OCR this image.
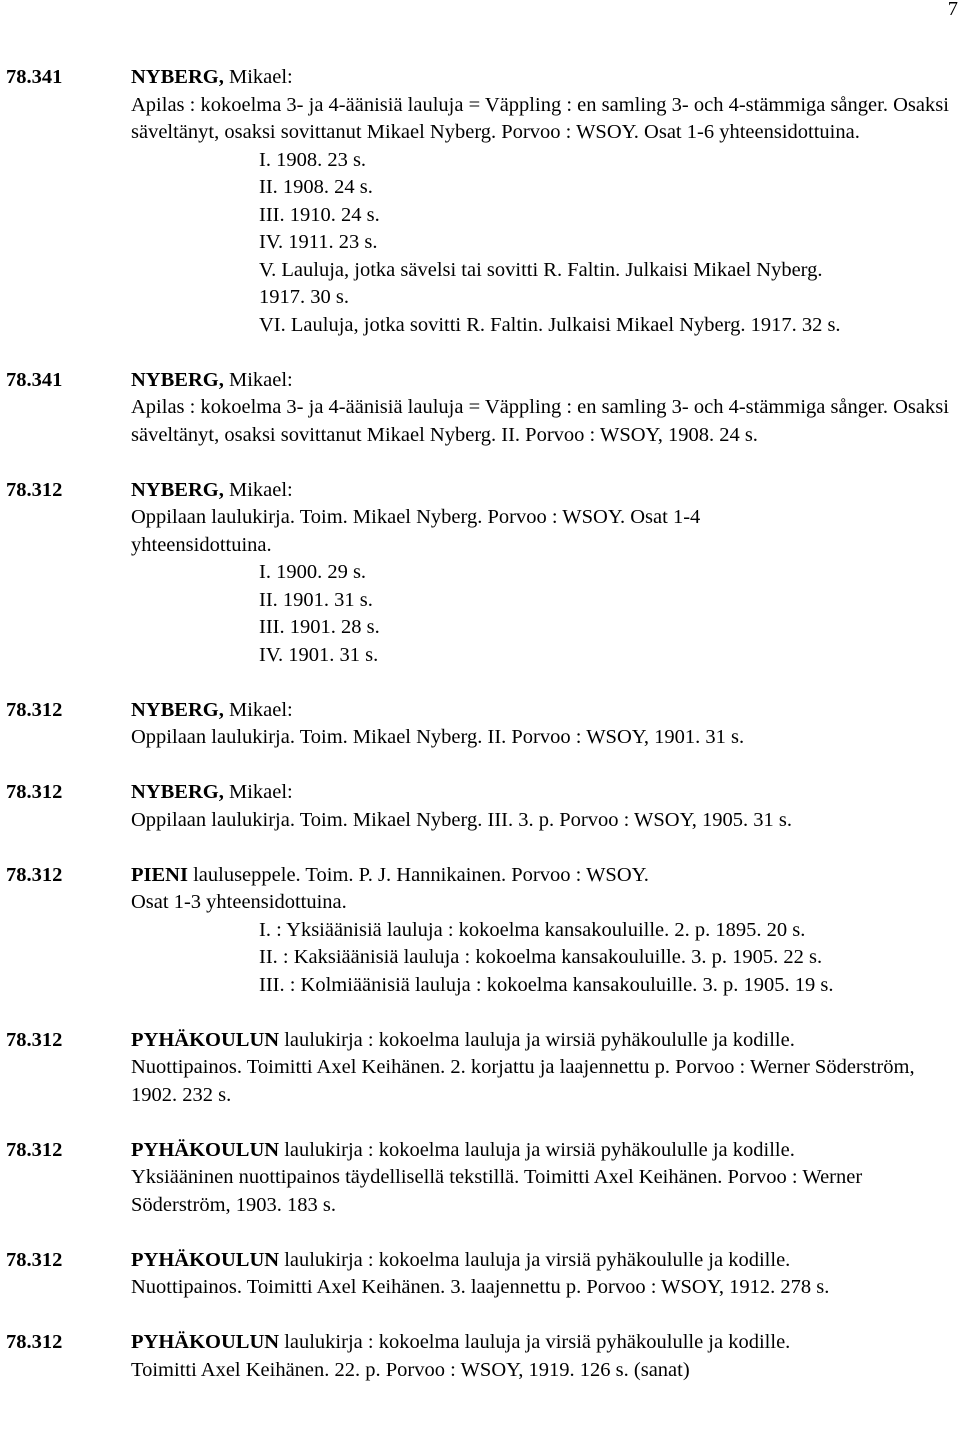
7
78.341	NYBERG, Mikael:
Apilas : kokoelma 3- ja 4-äänisiä lauluja = Väppling : en samling 3- och 4-stämmiga sånger. Osaksi säveltänyt, osaksi sovittanut Mikael Nyberg. Porvoo : WSOY. Osat 1-6 yhteensidottuina.
I. 1908. 23 s.
II. 1908. 24 s.
III. 1910. 24 s.
IV. 1911. 23 s.
V. Lauluja, jotka sävelsi tai sovitti R. Faltin. Julkaisi Mikael Nyberg.
1917. 30 s.
VI. Lauluja, jotka sovitti R. Faltin. Julkaisi Mikael Nyberg. 1917. 32 s.
78.341	NYBERG, Mikael:
Apilas : kokoelma 3- ja 4-äänisiä lauluja = Väppling : en samling 3- och 4-stämmiga sånger. Osaksi säveltänyt, osaksi sovittanut Mikael Nyberg. II. Porvoo : WSOY, 1908. 24 s.
78.312	NYBERG, Mikael:
Oppilaan laulukirja. Toim. Mikael Nyberg. Porvoo : WSOY. Osat 1-4 yhteensidottuina.
I. 1900. 29 s.
II. 1901. 31 s.
III. 1901. 28 s.
IV. 1901. 31 s.
78.312	NYBERG, Mikael:
Oppilaan laulukirja. Toim. Mikael Nyberg. II. Porvoo : WSOY, 1901. 31 s.
78.312	NYBERG, Mikael:
Oppilaan laulukirja. Toim. Mikael Nyberg. III. 3. p. Porvoo : WSOY, 1905. 31 s.
78.312	PIENI lauluseppele. Toim. P. J. Hannikainen. Porvoo : WSOY.
Osat 1-3 yhteensidottuina.
I. : Yksiäänisiä lauluja : kokoelma kansakouluille. 2. p. 1895. 20 s.
II. : Kaksiäänisiä lauluja : kokoelma kansakouluille. 3. p. 1905. 22 s.
III. : Kolmiäänisiä lauluja : kokoelma kansakouluille. 3. p. 1905. 19 s.
78.312	PYHÄKOULUN laulukirja : kokoelma lauluja ja wirsiä pyhäkoululle ja kodille.
Nuottipainos. Toimitti Axel Keihänen. 2. korjattu ja laajennettu p. Porvoo : Werner Söderström, 1902. 232 s.
78.312	PYHÄKOULUN laulukirja : kokoelma lauluja ja wirsiä pyhäkoululle ja kodille.
Yksiääninen nuottipainos täydellisellä tekstillä. Toimitti Axel Keihänen. Porvoo : Werner Söderström, 1903. 183 s.
78.312	PYHÄKOULUN laulukirja : kokoelma lauluja ja virsiä pyhäkoululle ja kodille.
Nuottipainos. Toimitti Axel Keihänen. 3. laajennettu p. Porvoo : WSOY, 1912. 278 s.
78.312	PYHÄKOULUN laulukirja : kokoelma lauluja ja virsiä pyhäkoululle ja kodille.
Toimitti Axel Keihänen. 22. p. Porvoo : WSOY, 1919. 126 s. (sanat)
